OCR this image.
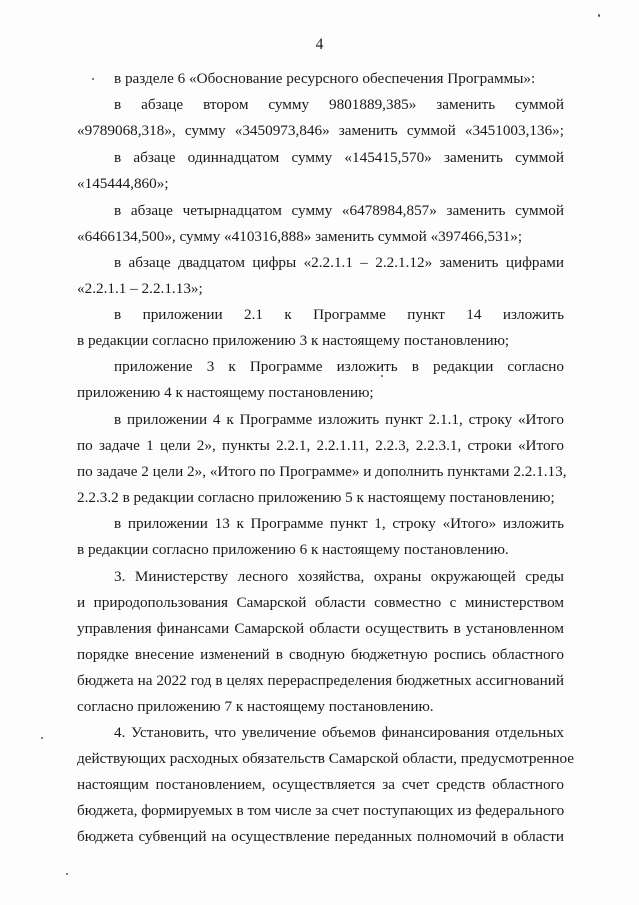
4
в разделе 6 «Обоснование ресурсного обеспечения Программы»:
в абзаце втором сумму 9801889,385» заменить суммой
«9789068,318», сумму «3450973,846» заменить суммой «3451003,136»;
в абзаце одиннадцатом сумму «145415,570» заменить суммой
«145444,860»;
в абзаце четырнадцатом сумму «6478984,857» заменить суммой
«6466134,500», сумму «410316,888» заменить суммой «397466,531»;
в абзаце двадцатом цифры «2.2.1.1 – 2.2.1.12» заменить цифрами
«2.2.1.1 – 2.2.1.13»;
в приложении 2.1 к Программе пункт 14 изложить
в редакции согласно приложению 3 к настоящему постановлению;
приложение 3 к Программе изложить в редакции согласно
приложению 4 к настоящему постановлению;
в приложении 4 к Программе изложить пункт 2.1.1, строку «Итого
по задаче 1 цели 2», пункты 2.2.1, 2.2.1.11, 2.2.3, 2.2.3.1, строки «Итого
по задаче 2 цели 2», «Итого по Программе» и дополнить пунктами 2.2.1.13,
2.2.3.2 в редакции согласно приложению 5 к настоящему постановлению;
в приложении 13 к Программе пункт 1, строку «Итого» изложить
в редакции согласно приложению 6 к настоящему постановлению.
3. Министерству лесного хозяйства, охраны окружающей среды
и природопользования Самарской области совместно с министерством
управления финансами Самарской области осуществить в установленном
порядке внесение изменений в сводную бюджетную роспись областного
бюджета на 2022 год в целях перераспределения бюджетных ассигнований
согласно приложению 7 к настоящему постановлению.
4. Установить, что увеличение объемов финансирования отдельных
действующих расходных обязательств Самарской области, предусмотренное
настоящим постановлением, осуществляется за счет средств областного
бюджета, формируемых в том числе за счет поступающих из федерального
бюджета субвенций на осуществление переданных полномочий в области
